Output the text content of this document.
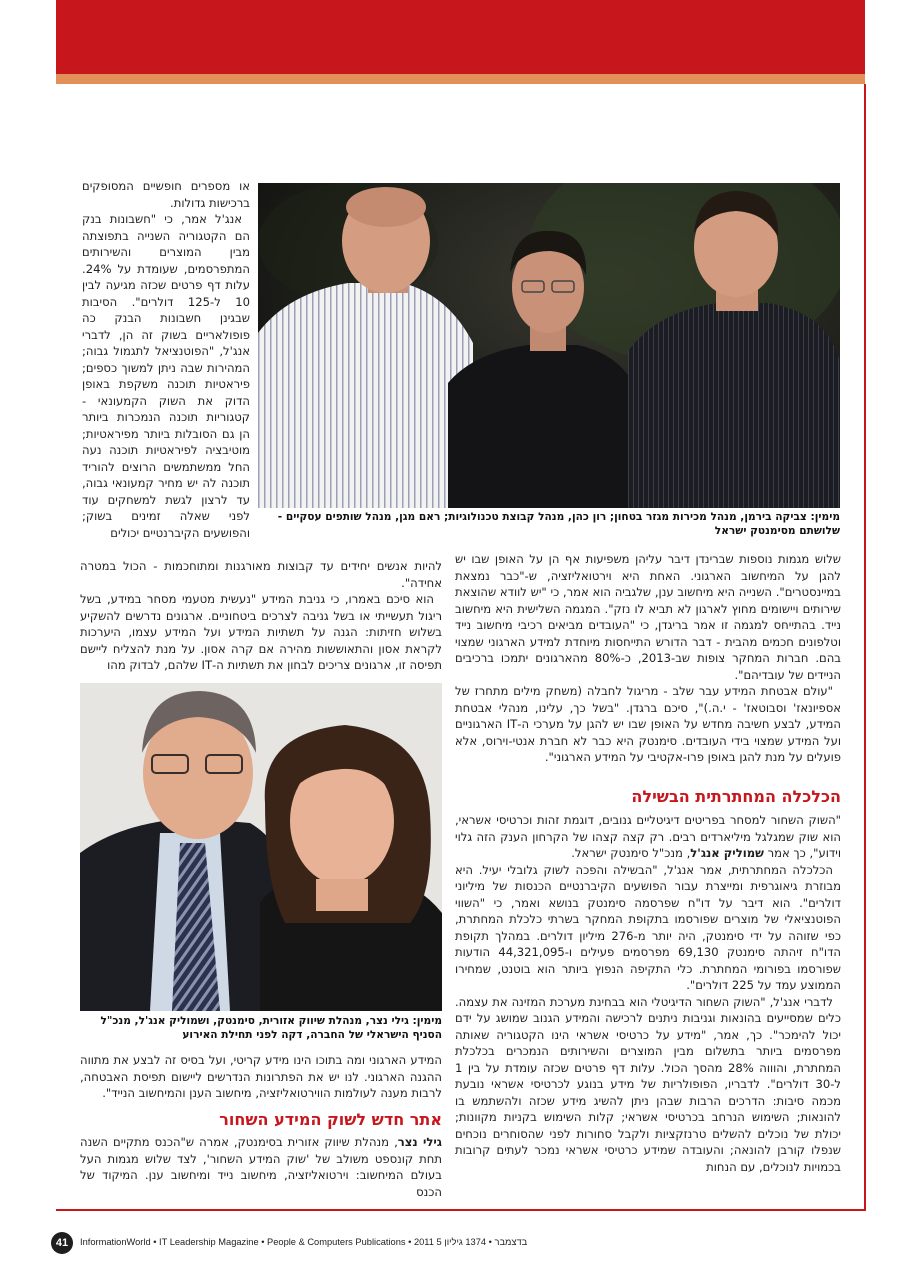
או מספרים חופשיים המסופקים ברכישות גדולות.

אנג'ל אמר, כי "חשבונות בנק הם הקטגוריה השנייה בתפוצתה מבין המוצרים והשירותים המתפרסמים, שעומדת על 24%. עלות דף פרטים שכזה מגיעה לבין 10 ל-125 דולרים". הסיבות שבגינן חשבונות הבנק כה פופולאריים בשוק זה הן, לדברי אנג'ל, "הפוטנציאל לתגמול גבוה; המהירות שבה ניתן למשוך כספים; פיראטיות תוכנה משקפת באופן הדוק את השוק הקמעונאי - קטגוריות תוכנה הנמכרות ביותר הן גם הסובלות ביותר מפיראטיות; מוטיבציה לפיראטיות תוכנה נעה החל ממשתמשים הרוצים להוריד תוכנה לה יש מחיר קמעונאי גבוה, עד לרצון לגשת למשחקים עוד לפני שאלה זמינים בשוק; והפושעים הקיברנטיים יכולים

מימין: צביקה בירמן, מנהל מכירות מגזר בטחון; רון כהן, מנהל קבוצת טכנולוגיות; ראם מגן, מנהל שותפים עסקיים - שלושתם מסימנטק ישראל

להיות אנשים יחידים עד קבוצות מאורגנות ומתוחכמות - הכול במטרה אחידה".

הוא סיכם באמרו, כי גניבת המידע "נעשית מטעמי מסחר במידע, בשל ריגול תעשייתי או בשל גניבה לצרכים ביטחוניים. ארגונים נדרשים להשקיע בשלוש חזיתות: הגנה על תשתיות המידע ועל המידע עצמו, היערכות לקראת אסון והתאוששות מהירה אם קרה אסון. על מנת להצליח ליישם תפיסה זו, ארגונים צריכים לבחון את תשתיות ה-IT שלהם, לבדוק מהו

מימין: גילי נצר, מנהלת שיווק אזורית, סימנטק, ושמוליק אנג'ל, מנכ"ל הסניף הישראלי של החברה, דקה לפני תחילת האירוע

המידע הארגוני ומה בתוכו הינו מידע קריטי, ועל בסיס זה לבצע את מתווה ההגנה הארגוני. לנו יש את הפתרונות הנדרשים ליישום תפיסת האבטחה, לרבות מענה לעולמות הווירטואליזציה, מיחשוב הענן והמיחשוב הנייד".

אתר חדש לשוק המידע השחור

גילי נצר, מנהלת שיווק אזורית בסימנטק, אמרה ש"הכנס מתקיים השנה תחת קונספט משולב של 'שוק המידע השחור', לצד שלוש מגמות העל בעולם המיחשוב: וירטואליזציה, מיחשוב נייד ומיחשוב ענן. המיקוד של הכנס

שלוש מגמות נוספות שברינדן דיבר עליהן משפיעות אף הן על האופן שבו יש להגן על המיחשוב הארגוני. האחת היא וירטואליזציה, ש-"כבר נמצאת במיינסטרים". השנייה היא מיחשוב ענן, שלגביה הוא אמר, כי "יש לוודא שהוצאת שירותים ויישומים מחוץ לארגון לא תביא לו נזק". המגמה השלישית היא מיחשוב נייד. בהתייחס למגמה זו אמר בריגדן, כי "העובדים מביאים רכיבי מיחשוב נייד וטלפונים חכמים מהבית - דבר הדורש התייחסות מיוחדת למידע הארגוני שמצוי בהם. חברות המחקר צופות שב-2013, כ-80% מהארגונים יתמכו ברכיבים הניידים של עובדיהם".

"עולם אבטחת המידע עבר שלב - מריגול לחבלה (משחק מילים מתחרז של אספיונאז' וסבוטאז' - י.ה.)", סיכם ברגדן. "בשל כך, עלינו, מנהלי אבטחת המידע, לבצע חשיבה מחדש על האופן שבו יש להגן על מערכי ה-IT הארגוניים ועל המידע שמצוי בידי העובדים. סימנטק היא כבר לא חברת אנטי-וירוס, אלא פועלים על מנת להגן באופן פרו-אקטיבי על המידע הארגוני".

הכלכלה המחתרתית הבשילה

"השוק השחור למסחר בפריטים דיגיטליים גנובים, דוגמת זהות וכרטיסי אשראי, הוא שוק שמגלגל מיליארדים רבים. רק קצה קצהו של הקרחון הענק הזה גלוי וידוע", כך אמר שמוליק אנג'ל, מנכ"ל סימנטק ישראל.

הכלכלה המחתרתית, אמר אנג'ל, "הבשילה והפכה לשוק גלובלי יעיל. היא מבוזרת גיאוגרפית ומייצרת עבור הפושעים הקיברנטיים הכנסות של מיליוני דולרים". הוא דיבר על דו"ח שפרסמה סימנטק בנושא ואמר, כי "השווי הפוטנציאלי של מוצרים שפורסמו בתקופת המחקר בשרתי כלכלת המחתרת, כפי שזוהה על ידי סימנטק, היה יותר מ-276 מיליון דולרים. במהלך תקופת הדו"ח זיהתה סימנטק 69,130 מפרסמים פעילים ו-44,321,095 הודעות שפורסמו בפורומי המחתרת. כלי התקיפה הנפוץ ביותר הוא בוטנט, שמחירו הממוצע עמד על 225 דולרים".

לדברי אנג'ל, "השוק השחור הדיגיטלי הוא בבחינת מערכת המזינה את עצמה. כלים שמסייעים בהונאות וגניבות ניתנים לרכישה והמידע הגנוב שמושג על ידם יכול להימכר". כך, אמר, "מידע על כרטיסי אשראי הינו הקטגוריה שאותה מפרסמים ביותר בתשלום מבין המוצרים והשירותים הנמכרים בכלכלת המחתרת, והוווה 28% מהסך הכול. עלות דף פרטים שכזה עומדת על בין 1 ל-30 דולרים". לדבריו, הפופולריות של מידע בנוגע לכרטיסי אשראי נובעת מכמה סיבות: הדרכים הרבות שבהן ניתן להשיג מידע שכזה ולהשתמש בו להונאות; השימוש הנרחב בכרטיסי אשראי; קלות השימוש בקניות מקוונות; יכולת של נוכלים להשלים טרנזקציות ולקבל סחורות לפני שהסוחרים נוכחים שנפלו קורבן להונאה; והעובדה שמידע כרטיסי אשראי נמכר לעתים קרובות בכמויות לנוכלים, עם הנחות

41	InformationWorld • IT Leadership Magazine • People & Computers Publications • 2011 5 בדצמבר • 1374 גיליון
